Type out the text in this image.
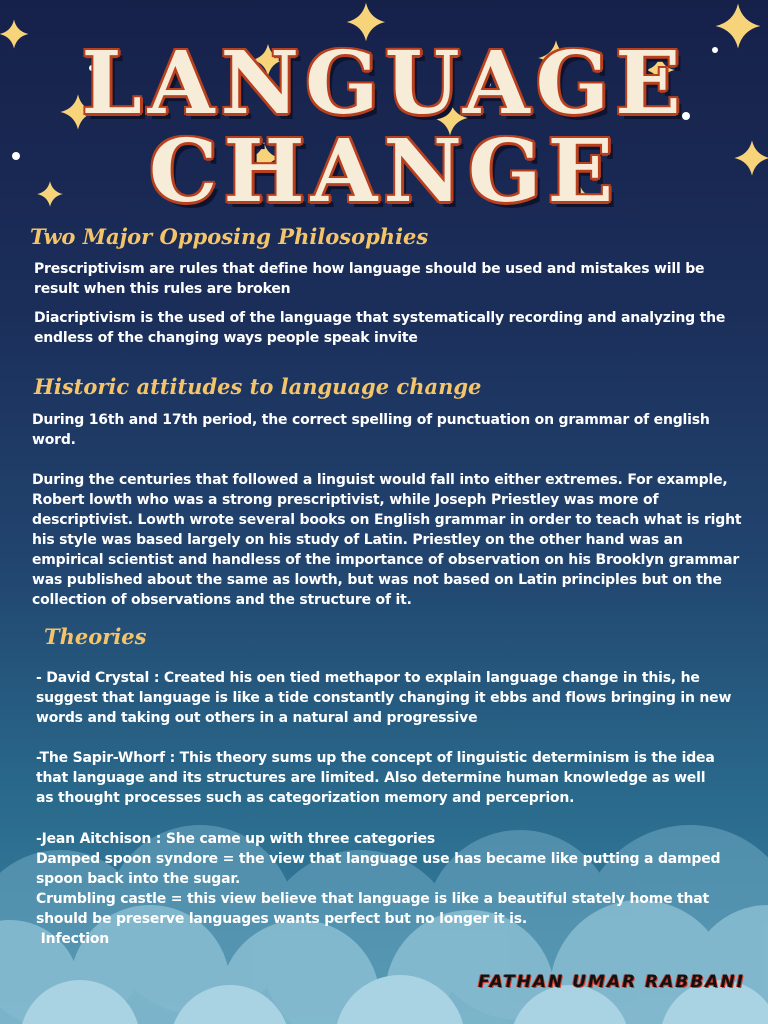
LANGUAGE
CHANGE
Two Major Opposing Philosophies

Prescriptivism are rules that define how language should be used and mistakes will be result when this rules are broken

Diacriptivism is the used of the language that systematically recording and analyzing the endless of the changing ways people speak invite

Historic attitudes to language change

During 16th and 17th period, the correct spelling of punctuation on grammar of english word.

During the centuries that followed a linguist would fall into either extremes. For example, Robert lowth who was a strong prescriptivist, while Joseph Priestley was more of descriptivist. Lowth wrote several books on English grammar in order to teach what is right his style was based largely on his study of Latin. Priestley on the other hand was an empirical scientist and handless of the importance of observation on his Brooklyn grammar was published about the same as lowth, but was not based on Latin principles but on the collection of observations and the structure of it.

Theories

- David Crystal : Created his oen tied methapor to explain language change in this, he suggest that language is like a tide constantly changing it ebbs and flows bringing in new words and taking out others in a natural and progressive

-The Sapir-Whorf : This theory sums up the concept of linguistic determinism is the idea that language and its structures are limited. Also determine human knowledge as well as thought processes such as categorization memory and perceprion.

-Jean Aitchison : She came up with three categories

Damped spoon syndore = the view that language use has became like putting a damped spoon back into the sugar.

Crumbling castle = this view believe that language is like a beautiful stately home that should be preserve languages wants perfect but no longer it is.

Infection

FATHAN UMAR RABBANI
